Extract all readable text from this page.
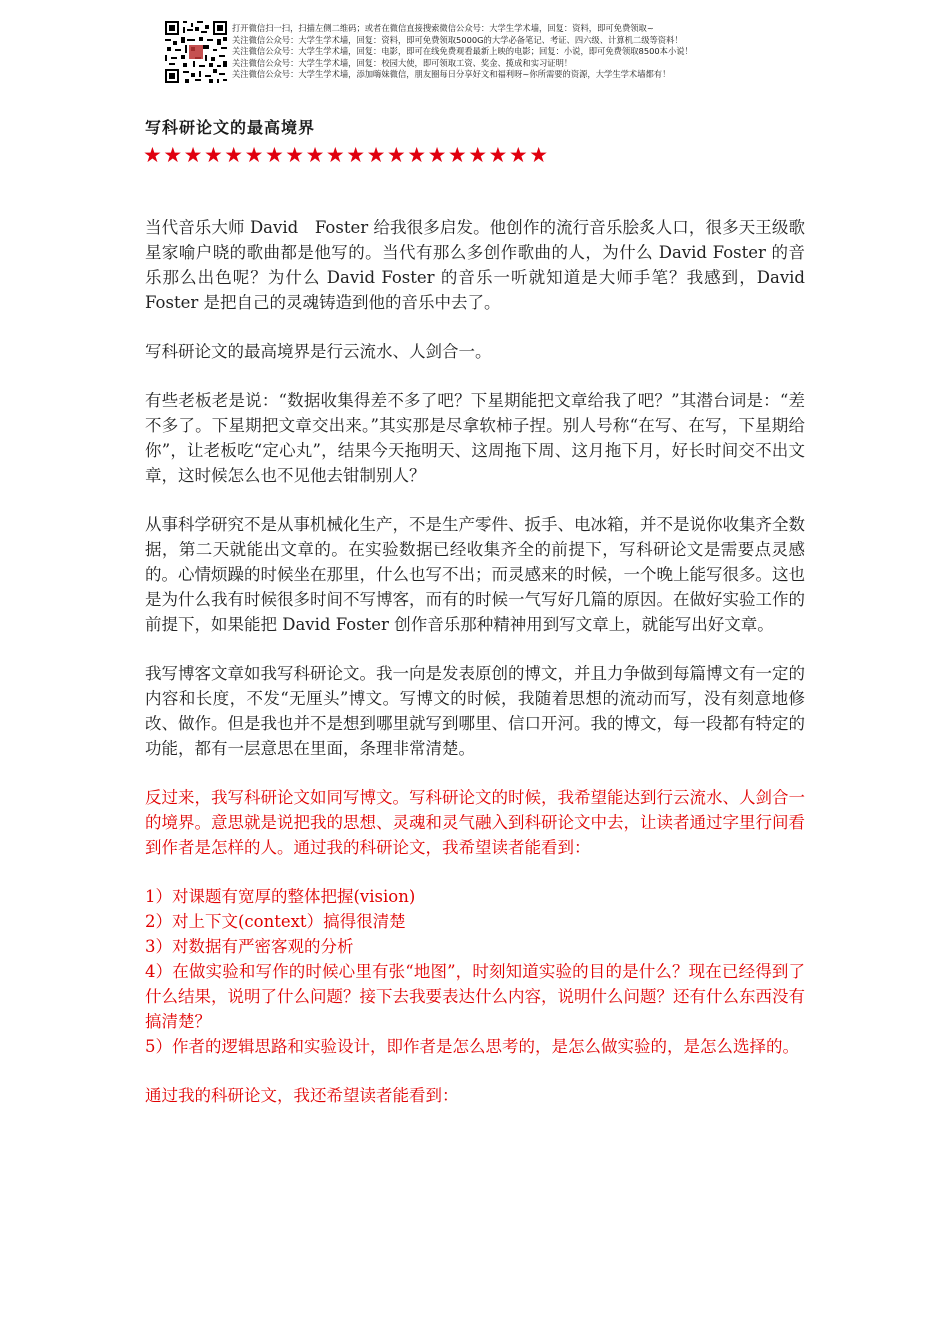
打开微信扫一扫，扫描左侧二维码；或者在微信直接搜索微信公众号：大学生学术墙，回复：资料，即可免费领取~
关注微信公众号：大学生学术墙，回复：资料，即可免费领取5000G的大学必备笔记、考证、四六级、计算机二级等资料！
关注微信公众号：大学生学术墙，回复：电影，即可在线免费观看最新上映的电影；回复：小说，即可免费领取8500本小说！
关注微信公众号：大学生学术墙，回复：校园大使，即可领取工资、奖金、揽成和实习证明！
关注微信公众号：大学生学术墙，添加嗨妹微信，朋友圈每日分享好文和福利呀~你所需要的资源，大学生学术墙都有！
写科研论文的最高境界
★★★★★★★★★★★★★★★★★★★★

当代音乐大师 David　Foster 给我很多启发。他创作的流行音乐脍炙人口，很多天王级歌星家喻户晓的歌曲都是他写的。当代有那么多创作歌曲的人，为什么 David Foster 的音乐那么出色呢？为什么 David Foster 的音乐一听就知道是大师手笔？我感到，David Foster 是把自己的灵魂铸造到他的音乐中去了。

写科研论文的最高境界是行云流水、人剑合一。

有些老板老是说：“数据收集得差不多了吧？下星期能把文章给我了吧？”其潜台词是：“差不多了。下星期把文章交出来。”其实那是尽拿软柿子捏。别人号称“在写、在写，下星期给你”，让老板吃“定心丸”，结果今天拖明天、这周拖下周、这月拖下月，好长时间交不出文章，这时候怎么也不见他去钳制别人？

从事科学研究不是从事机械化生产，不是生产零件、扳手、电冰箱，并不是说你收集齐全数据，第二天就能出文章的。在实验数据已经收集齐全的前提下，写科研论文是需要点灵感的。心情烦躁的时候坐在那里，什么也写不出；而灵感来的时候，一个晚上能写很多。这也是为什么我有时候很多时间不写博客，而有的时候一气写好几篇的原因。在做好实验工作的前提下，如果能把 David Foster 创作音乐那种精神用到写文章上，就能写出好文章。

我写博客文章如我写科研论文。我一向是发表原创的博文，并且力争做到每篇博文有一定的内容和长度，不发“无厘头”博文。写博文的时候，我随着思想的流动而写，没有刻意地修改、做作。但是我也并不是想到哪里就写到哪里、信口开河。我的博文，每一段都有特定的功能，都有一层意思在里面，条理非常清楚。

反过来，我写科研论文如同写博文。写科研论文的时候，我希望能达到行云流水、人剑合一的境界。意思就是说把我的思想、灵魂和灵气融入到科研论文中去，让读者通过字里行间看到作者是怎样的人。通过我的科研论文，我希望读者能看到：

1）对课题有宽厚的整体把握(vision)
2）对上下文(context）搞得很清楚
3）对数据有严密客观的分析
4）在做实验和写作的时候心里有张“地图”，时刻知道实验的目的是什么？现在已经得到了什么结果，说明了什么问题？接下去我要表达什么内容，说明什么问题？还有什么东西没有搞清楚？
5）作者的逻辑思路和实验设计，即作者是怎么思考的，是怎么做实验的，是怎么选择的。

通过我的科研论文，我还希望读者能看到：
